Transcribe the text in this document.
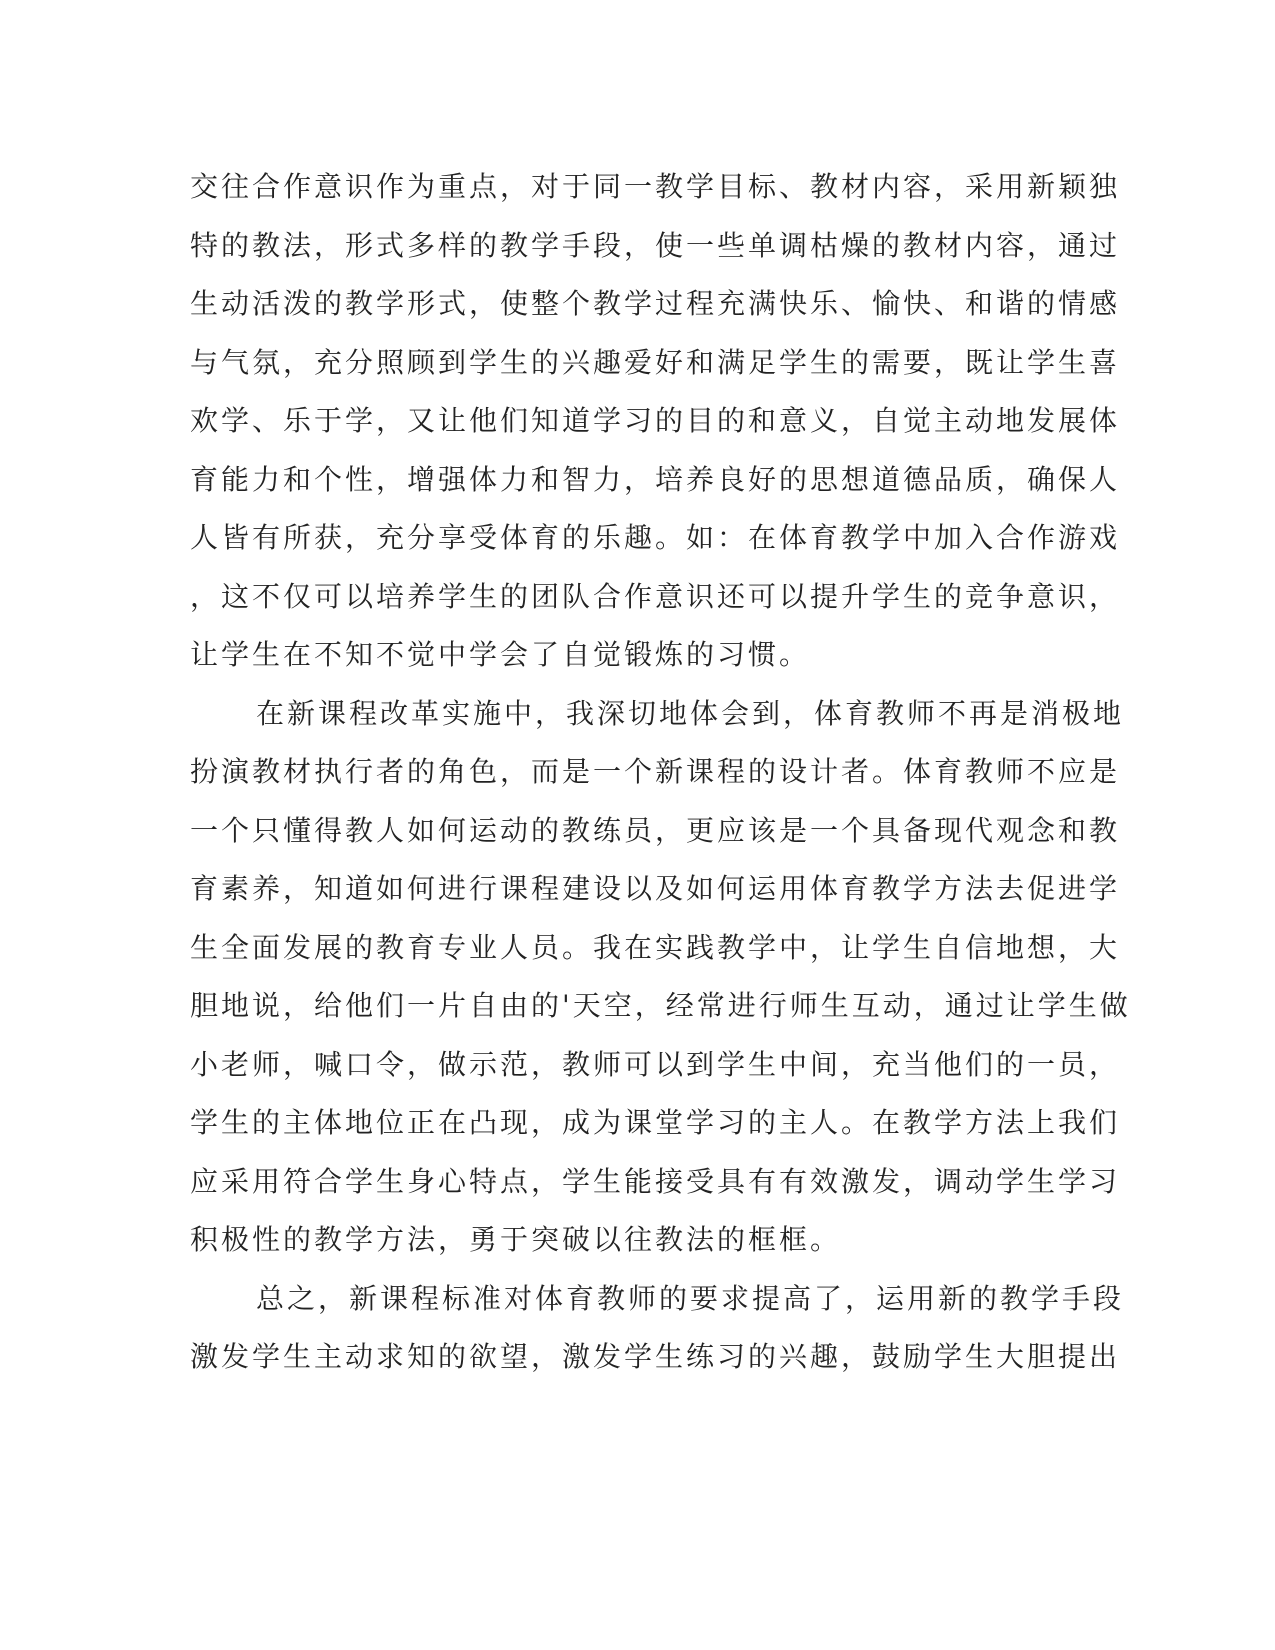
交往合作意识作为重点，对于同一教学目标、教材内容，采用新颖独
特的教法，形式多样的教学手段，使一些单调枯燥的教材内容，通过
生动活泼的教学形式，使整个教学过程充满快乐、愉快、和谐的情感
与气氛，充分照顾到学生的兴趣爱好和满足学生的需要，既让学生喜
欢学、乐于学，又让他们知道学习的目的和意义，自觉主动地发展体
育能力和个性，增强体力和智力，培养良好的思想道德品质，确保人
人皆有所获，充分享受体育的乐趣。如：在体育教学中加入合作游戏
，这不仅可以培养学生的团队合作意识还可以提升学生的竞争意识，
让学生在不知不觉中学会了自觉锻炼的习惯。
在新课程改革实施中，我深切地体会到，体育教师不再是消极地
扮演教材执行者的角色，而是一个新课程的设计者。体育教师不应是
一个只懂得教人如何运动的教练员，更应该是一个具备现代观念和教
育素养，知道如何进行课程建设以及如何运用体育教学方法去促进学
生全面发展的教育专业人员。我在实践教学中，让学生自信地想，大
胆地说，给他们一片自由的'天空，经常进行师生互动，通过让学生做
小老师，喊口令，做示范，教师可以到学生中间，充当他们的一员，
学生的主体地位正在凸现，成为课堂学习的主人。在教学方法上我们
应采用符合学生身心特点，学生能接受具有有效激发，调动学生学习
积极性的教学方法，勇于突破以往教法的框框。
总之，新课程标准对体育教师的要求提高了，运用新的教学手段
激发学生主动求知的欲望，激发学生练习的兴趣，鼓励学生大胆提出
